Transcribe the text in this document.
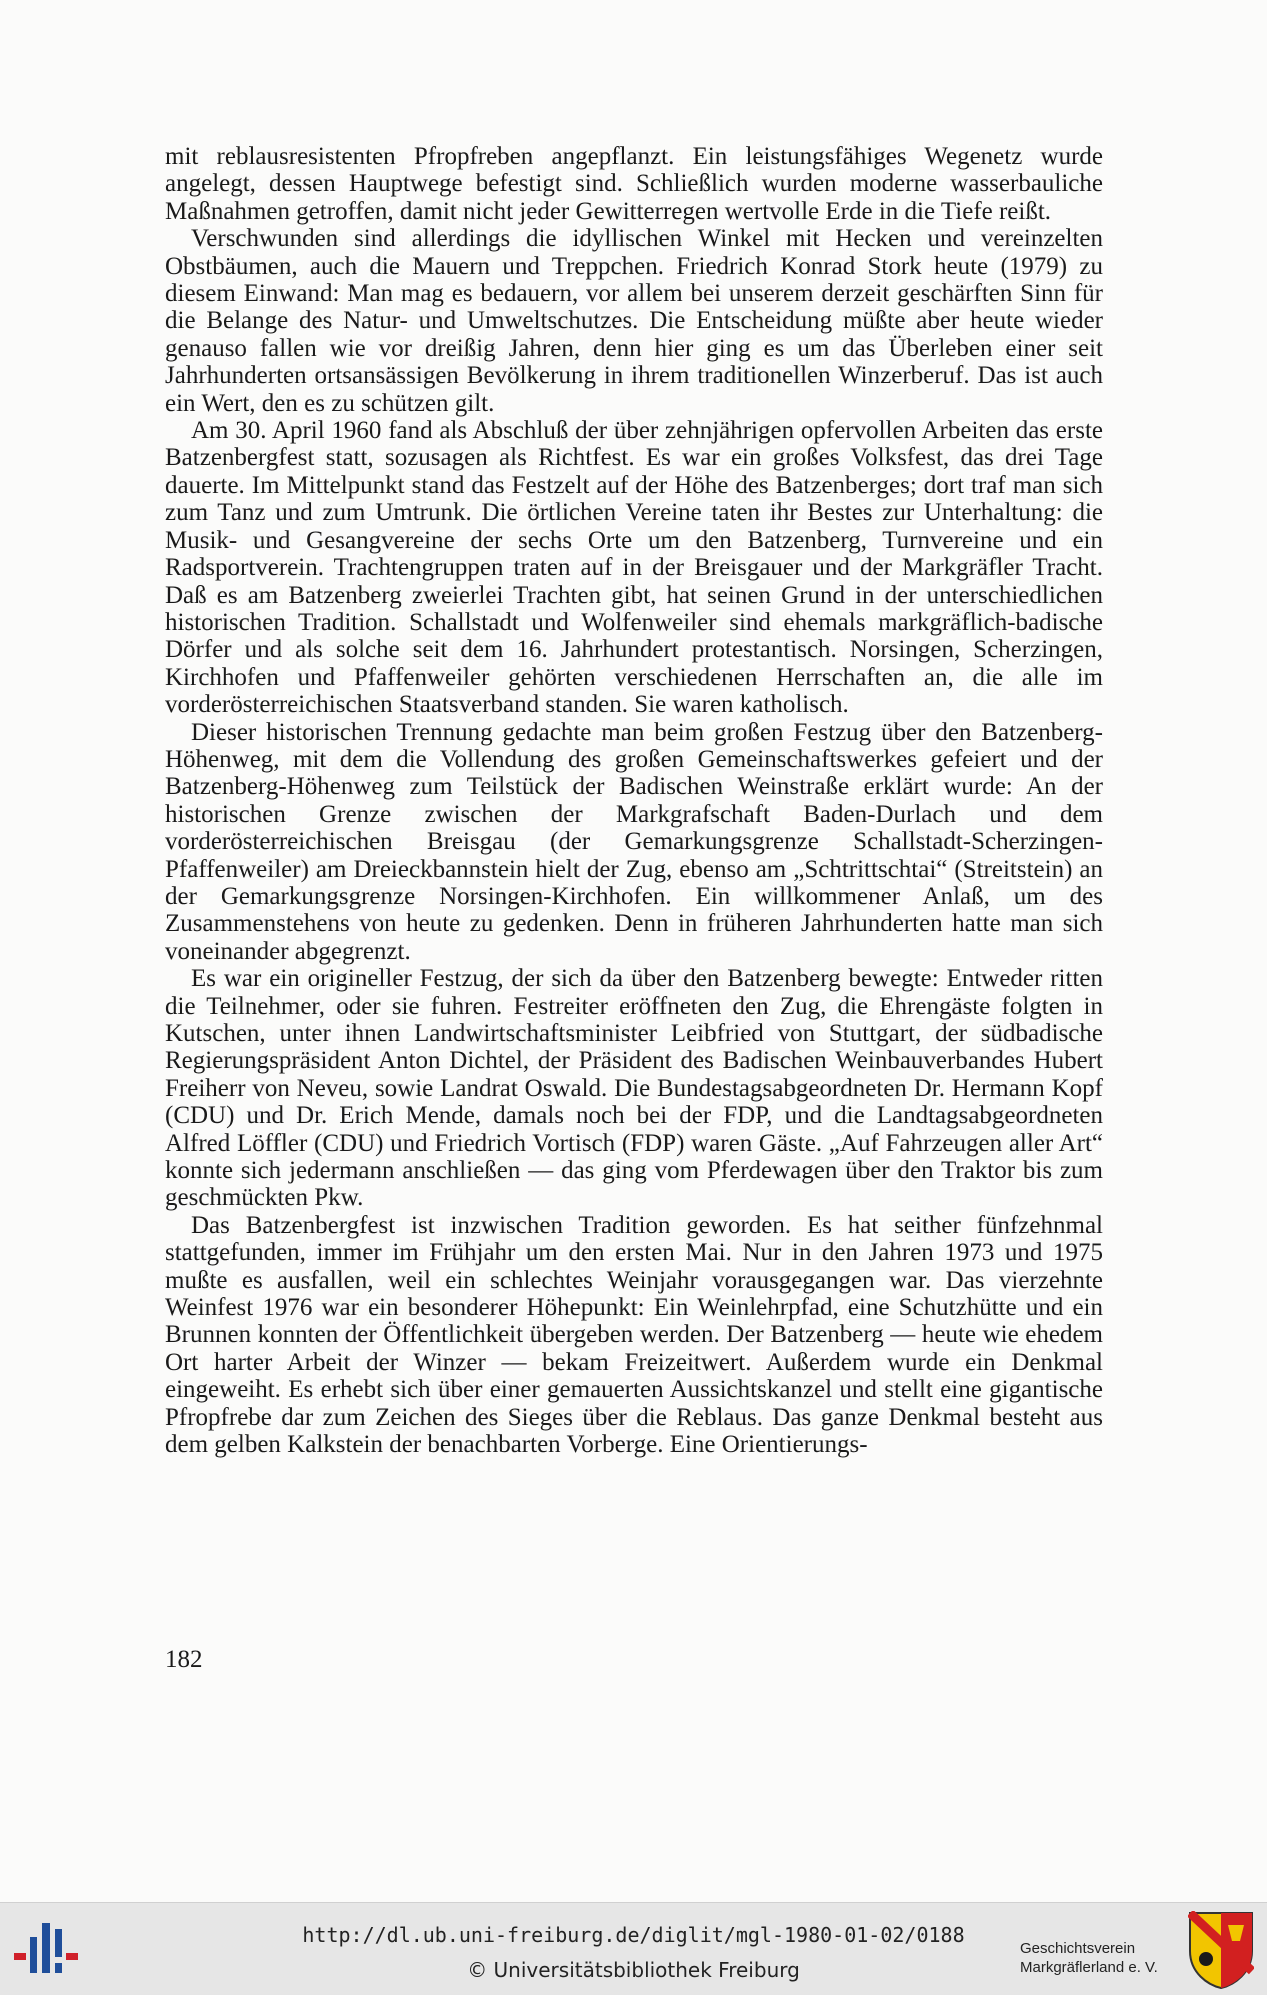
mit reblausresistenten Pfropfreben angepflanzt. Ein leistungsfähiges Wegenetz wurde angelegt, dessen Hauptwege befestigt sind. Schließlich wurden moderne wasserbauliche Maßnahmen getroffen, damit nicht jeder Gewitterregen wertvolle Erde in die Tiefe reißt.

Verschwunden sind allerdings die idyllischen Winkel mit Hecken und vereinzelten Obstbäumen, auch die Mauern und Treppchen. Friedrich Konrad Stork heute (1979) zu diesem Einwand: Man mag es bedauern, vor allem bei unserem derzeit geschärften Sinn für die Belange des Natur- und Umweltschutzes. Die Entscheidung müßte aber heute wieder genauso fallen wie vor dreißig Jahren, denn hier ging es um das Überleben einer seit Jahrhunderten ortsansässigen Bevölkerung in ihrem traditionellen Winzerberuf. Das ist auch ein Wert, den es zu schützen gilt.

Am 30. April 1960 fand als Abschluß der über zehnjährigen opfervollen Arbeiten das erste Batzenbergfest statt, sozusagen als Richtfest. Es war ein großes Volksfest, das drei Tage dauerte. Im Mittelpunkt stand das Festzelt auf der Höhe des Batzenberges; dort traf man sich zum Tanz und zum Umtrunk. Die örtlichen Vereine taten ihr Bestes zur Unterhaltung: die Musik- und Gesangvereine der sechs Orte um den Batzenberg, Turnvereine und ein Radsportverein. Trachtengruppen traten auf in der Breisgauer und der Markgräfler Tracht. Daß es am Batzenberg zweierlei Trachten gibt, hat seinen Grund in der unterschiedlichen historischen Tradition. Schallstadt und Wolfenweiler sind ehemals markgräflich-badische Dörfer und als solche seit dem 16. Jahrhundert protestantisch. Norsingen, Scherzingen, Kirchhofen und Pfaffenweiler gehörten verschiedenen Herrschaften an, die alle im vorderösterreichischen Staatsverband standen. Sie waren katholisch.

Dieser historischen Trennung gedachte man beim großen Festzug über den Batzenberg-Höhenweg, mit dem die Vollendung des großen Gemeinschaftswerkes gefeiert und der Batzenberg-Höhenweg zum Teilstück der Badischen Weinstraße erklärt wurde: An der historischen Grenze zwischen der Markgrafschaft Baden-Durlach und dem vorderösterreichischen Breisgau (der Gemarkungsgrenze Schallstadt-Scherzingen-Pfaffenweiler) am Dreieckbannstein hielt der Zug, ebenso am „Schtrittschtai“ (Streitstein) an der Gemarkungsgrenze Norsingen-Kirchhofen. Ein willkommener Anlaß, um des Zusammenstehens von heute zu gedenken. Denn in früheren Jahrhunderten hatte man sich voneinander abgegrenzt.

Es war ein origineller Festzug, der sich da über den Batzenberg bewegte: Entweder ritten die Teilnehmer, oder sie fuhren. Festreiter eröffneten den Zug, die Ehrengäste folgten in Kutschen, unter ihnen Landwirtschaftsminister Leibfried von Stuttgart, der südbadische Regierungspräsident Anton Dichtel, der Präsident des Badischen Weinbauverbandes Hubert Freiherr von Neveu, sowie Landrat Oswald. Die Bundestagsabgeordneten Dr. Hermann Kopf (CDU) und Dr. Erich Mende, damals noch bei der FDP, und die Landtagsabgeordneten Alfred Löffler (CDU) und Friedrich Vortisch (FDP) waren Gäste. „Auf Fahrzeugen aller Art“ konnte sich jedermann anschließen — das ging vom Pferdewagen über den Traktor bis zum geschmückten Pkw.

Das Batzenbergfest ist inzwischen Tradition geworden. Es hat seither fünfzehnmal stattgefunden, immer im Frühjahr um den ersten Mai. Nur in den Jahren 1973 und 1975 mußte es ausfallen, weil ein schlechtes Weinjahr vorausgegangen war. Das vierzehnte Weinfest 1976 war ein besonderer Höhepunkt: Ein Weinlehrpfad, eine Schutzhütte und ein Brunnen konnten der Öffentlichkeit übergeben werden. Der Batzenberg — heute wie ehedem Ort harter Arbeit der Winzer — bekam Freizeitwert. Außerdem wurde ein Denkmal eingeweiht. Es erhebt sich über einer gemauerten Aussichtskanzel und stellt eine gigantische Pfropfrebe dar zum Zeichen des Sieges über die Reblaus. Das ganze Denkmal besteht aus dem gelben Kalkstein der benachbarten Vorberge. Eine Orientierungs-

182
http://dl.ub.uni-freiburg.de/diglit/mgl-1980-01-02/0188
© Universitätsbibliothek Freiburg
Geschichtsverein
Markgräflerland e. V.
